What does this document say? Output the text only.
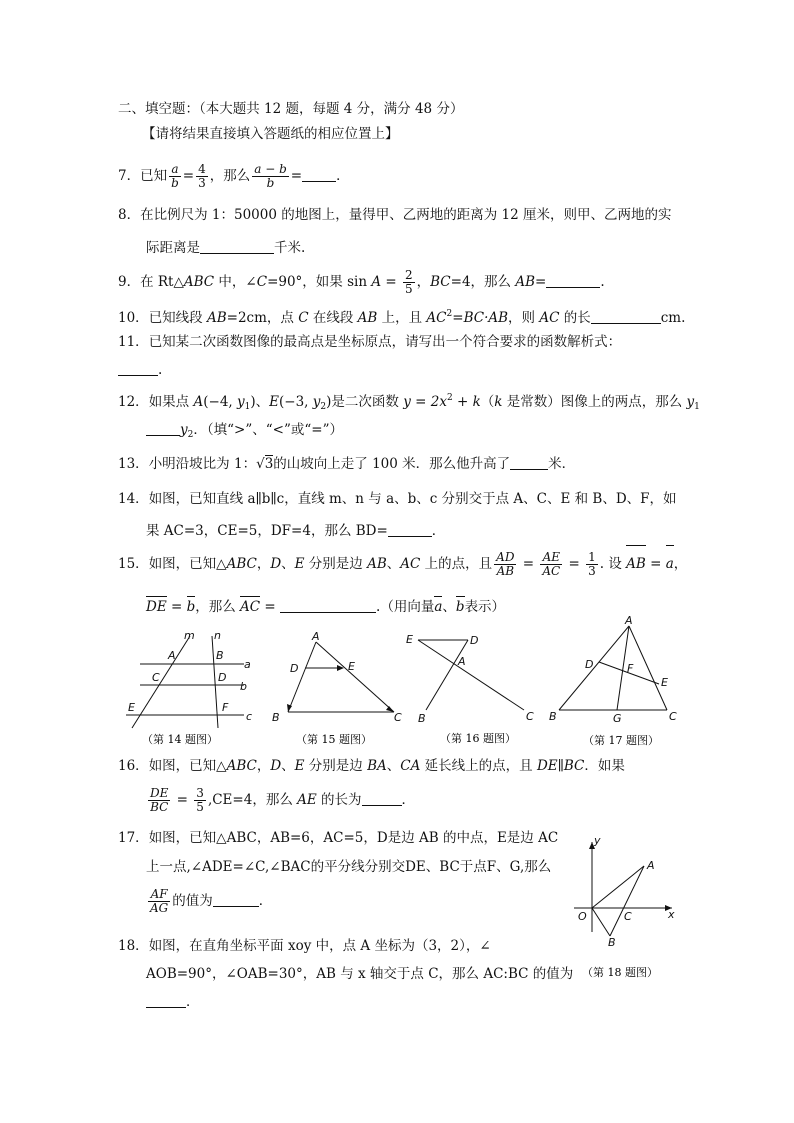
二、填空题：（本大题共 12 题，每题 4 分，满分 48 分）
【请将结果直接填入答题纸的相应位置上】
7．已知 $\frac{a}{b} = \frac{4}{3}$ ，那么 $\frac{a - b}{b}$ =	．
8．在比例尺为 1：50000 的地图上，量得甲、乙两地的距离为 12 厘米，则甲、乙两地的实
际距离是	千米.
9．在 Rt△ABC 中，∠C=90°，如果 $\sin A = \frac{2}{5}$ ，BC=4，那么 AB=	.
10．已知线段 AB=2cm，点 C 在线段 AB 上，且 $AC^2=BC\cdot AB$，则 AC 的长	cm.
11．已知某二次函数图像的最高点是坐标原点，请写出一个符合要求的函数解析式：
.
12．如果点 A(−4, $y_1$)、E(−3, $y_2$)是二次函数 $y = 2x^2 + k(k$ 是常数）图像上的两点，那么 $y_1$
$y_2$．（填“>”、“<”或“=”）
13．小明沿坡比为 1：√3的山坡向上走了 100 米．那么他升高了	米．
14．如图，已知直线 a∥b∥c，直线 m、n 与 a、b、c 分别交于点 A、C、E 和 B、D、F，如
果 AC=3，CE=5，DF=4，那么 BD=	．
15．如图，已知△ABC，D、E 分别是边 AB、AC 上的点，且 $\frac{AD}{AB} = \frac{AE}{AC} = \frac{1}{3}$ . 设 AB = a，
DE = b，那么 AC =	.（用向量a、b表示）
m n
A	B
a
C	D
b
E	F
c
（第 14 题图）
A
D	E
B	C
（第 15 题图）
E	D
A
B	C
（第 16 题图）
A
D	F
E
B	G	C
（第 17 题图）
16．如图，已知△ABC，D、E 分别是边 BA、CA 延长线上的点，且 DE∥BC．如果
$\frac{DE}{BC} = \frac{3}{5} ,CE=4$，那么 AE 的长为	．
17．如图，已知△ABC，AB=6，AC=5，D是边 AB 的中点，E是边 AC
上一点,∠ADE=∠C,∠BAC的平分线分别交DE、BC于点F、G,那么
$\frac{AF}{AG}$ 的值为	．
y
A
O	C	x
B
（第 18 题图）
18．如图，在直角坐标平面 xoy 中，点 A 坐标为（3，2），∠
AOB=90°，∠OAB=30°，AB 与 x 轴交于点 C，那么 AC:BC 的值为
．
